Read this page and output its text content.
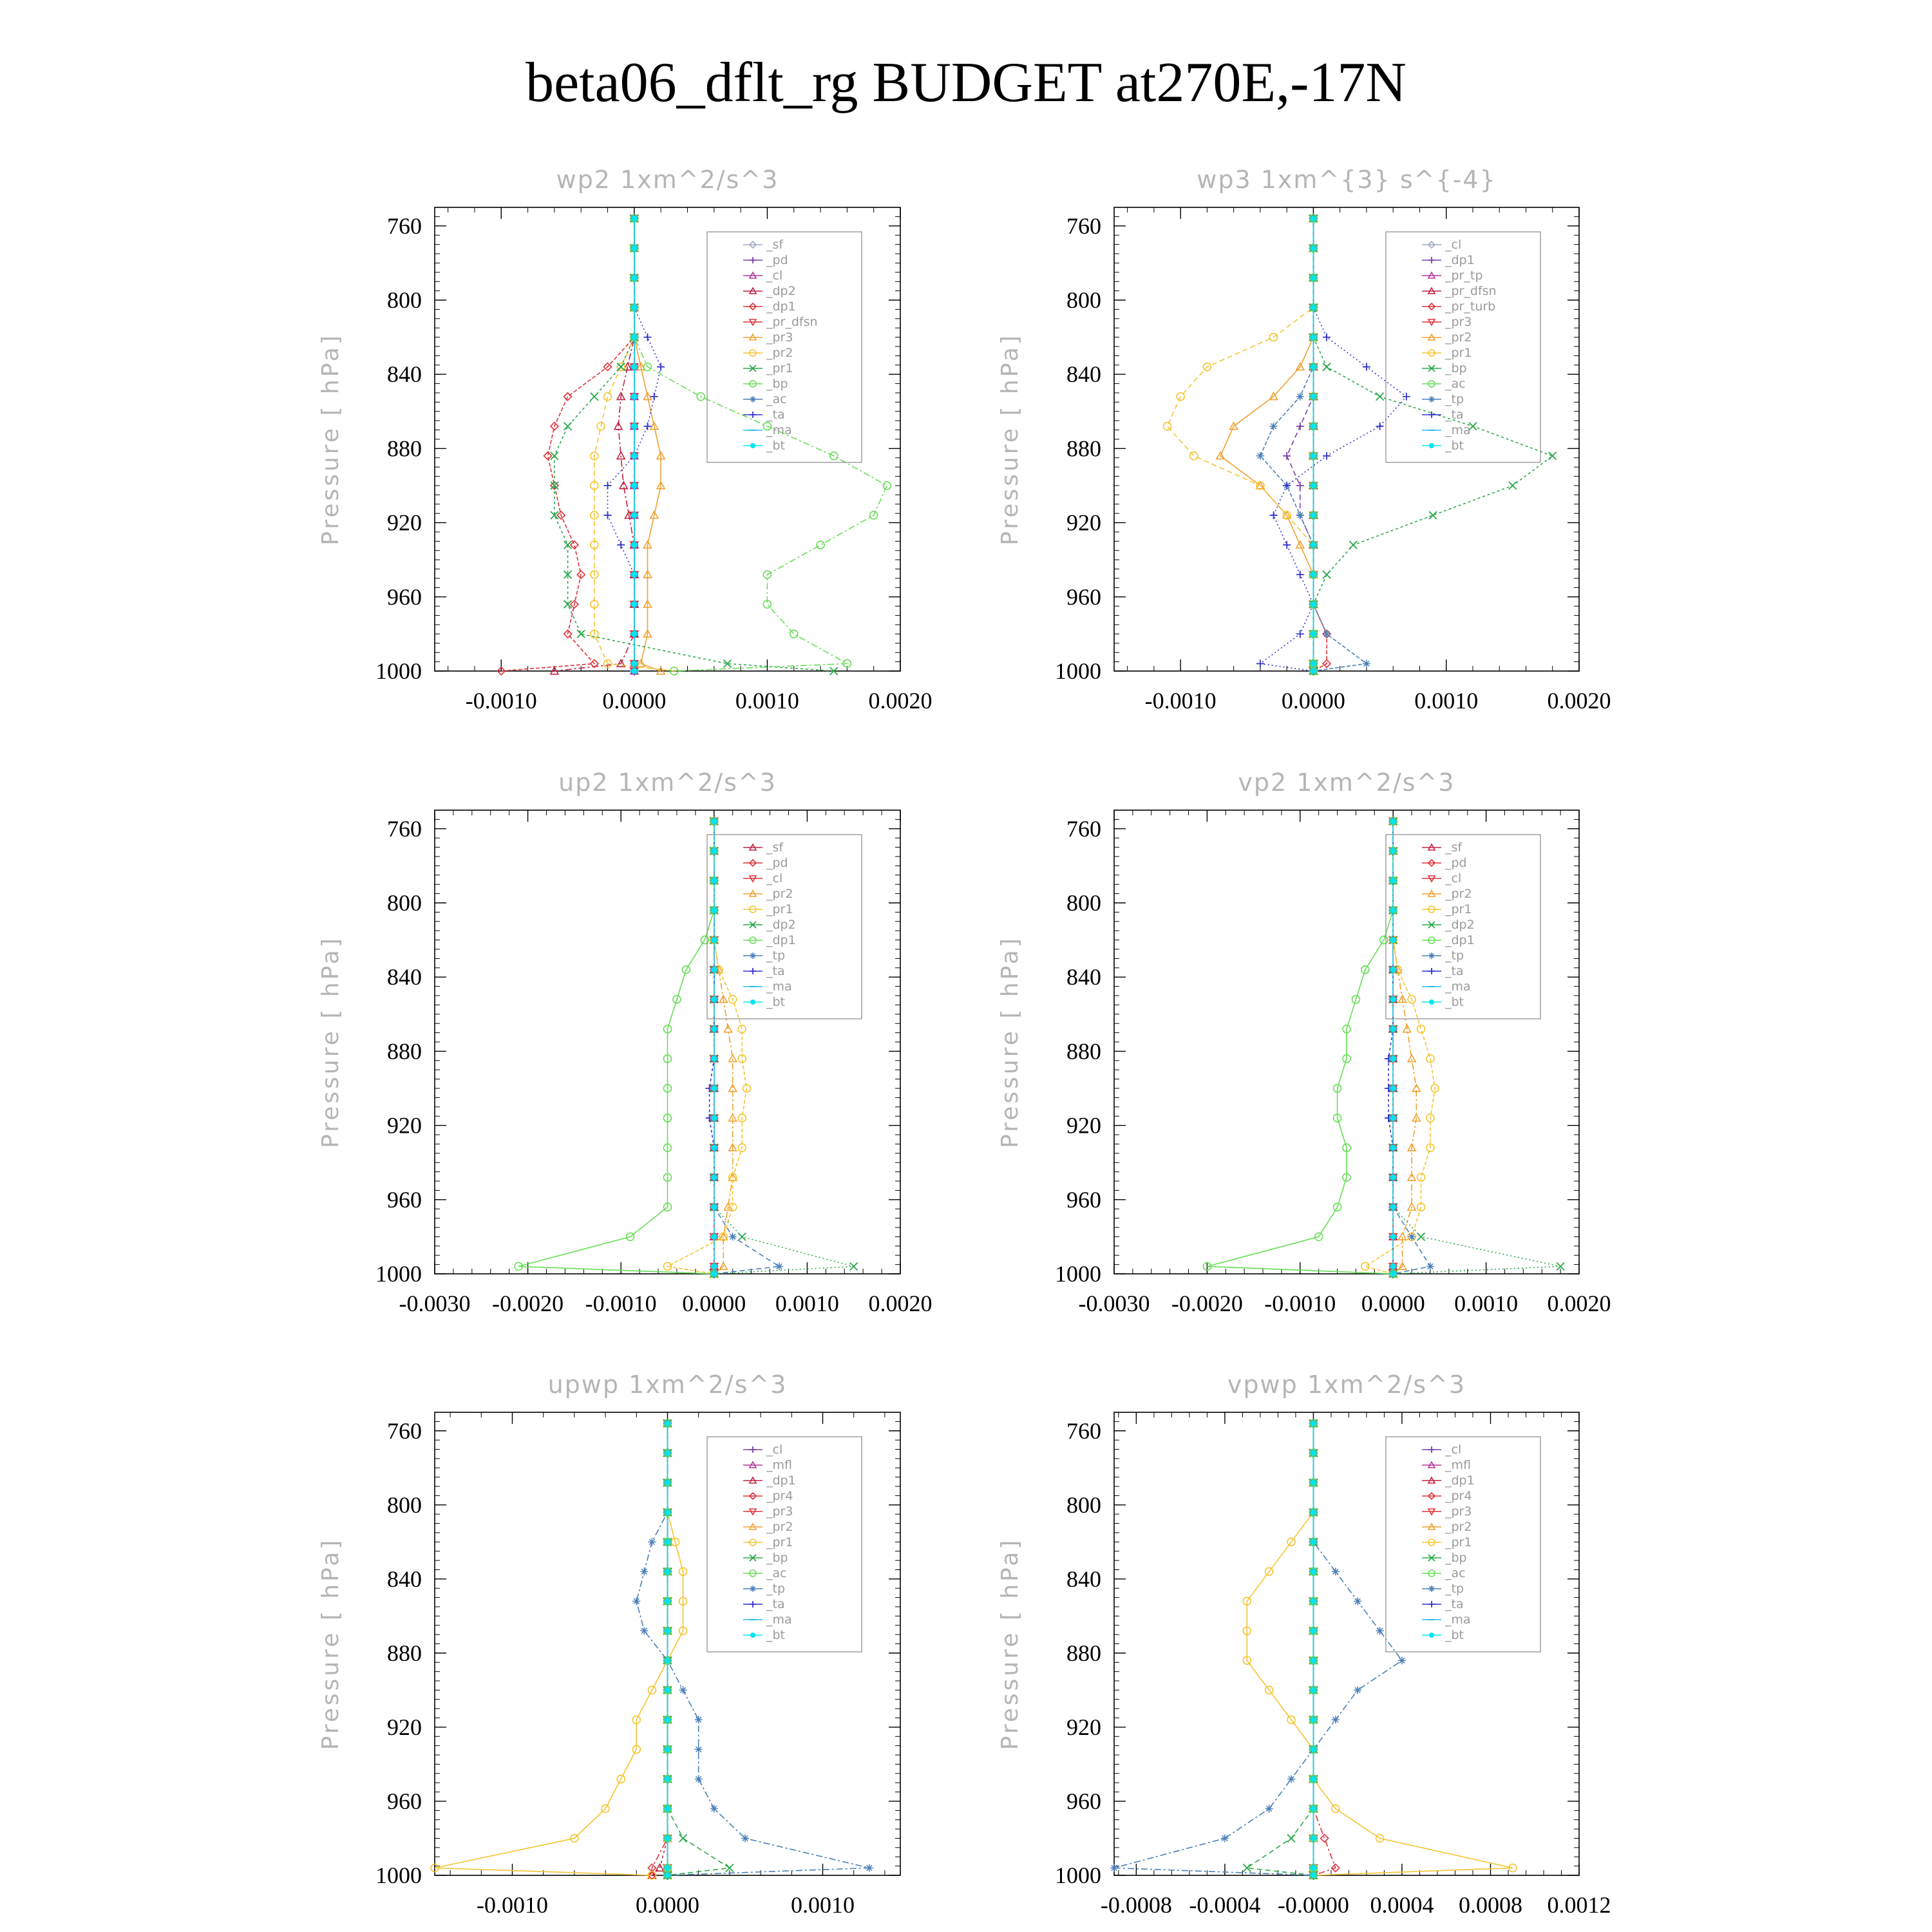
beta06_dflt_rg BUDGET at270E,-17N
wp2 1xm^2/s^3
Pressure [ hPa]
760
800
840
880
920
960
1000
-0.0010	0.0000	0.0010	0.0020
_sf
_pd
_cl
_dp2
_dp1
_pr_dfsn
_pr3
_pr2
_pr1
_bp
_ac
_ta
_ma
_bt
wp3 1xm^{3} s^{-4}
Pressure [ hPa]
760
800
840
880
920
960
1000
-0.0010	0.0000	0.0010	0.0020
_cl
_dp1
_pr_tp
_pr_dfsn
_pr_turb
_pr3
_pr2
_pr1
_bp
_ac
_tp
_ta
_ma
_bt
up2 1xm^2/s^3
Pressure [ hPa]
760
800
840
880
920
960
1000
-0.0030 -0.0020 -0.0010 0.0000 0.0010 0.0020
_sf
_pd
_cl
_pr2
_pr1
_dp2
_dp1
_tp
_ta
_ma
_bt
vp2 1xm^2/s^3
Pressure [ hPa]
760
800
840
880
920
960
1000
-0.0030 -0.0020 -0.0010 0.0000 0.0010 0.0020
_sf
_pd
_cl
_pr2
_pr1
_dp2
_dp1
_tp
_ta
_ma
_bt
upwp 1xm^2/s^3
Pressure [ hPa]
760
800
840
880
920
960
1000
-0.0010	0.0000	0.0010
_cl
_mfl
_dp1
_pr4
_pr3
_pr2
_pr1
_bp
_ac
_tp
_ta
_ma
_bt
vpwp 1xm^2/s^3
Pressure [ hPa]
760
800
840
880
920
960
1000
-0.0008 -0.0004 -0.0000 0.0004 0.0008 0.0012
_cl
_mfl
_dp1
_pr4
_pr3
_pr2
_pr1
_bp
_ac
_tp
_ta
_ma
_bt
